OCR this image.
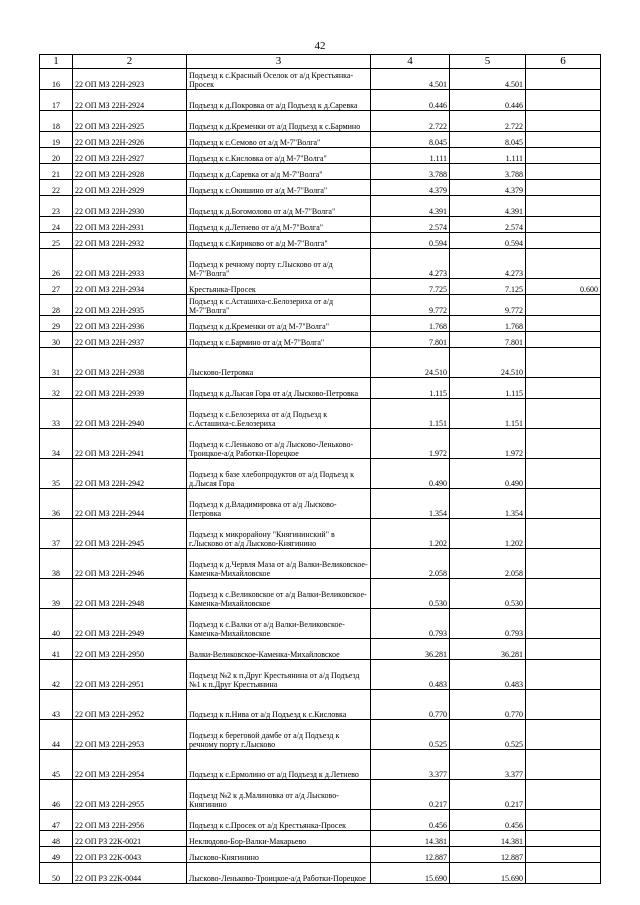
42
1	2	3	4	5	6
16	22 ОП МЗ 22Н-2923	Подъезд к с.Красный Оселок от а/д Крестьянка-Просек	4.501	4.501	
17	22 ОП МЗ 22Н-2924	Подъезд к д.Покровка от а/д Подъезд к д.Саревка	0.446	0.446	
18	22 ОП МЗ 22Н-2925	Подъезд к д.Кременки от а/д Подъезд к с.Бармино	2.722	2.722	
19	22 ОП МЗ 22Н-2926	Подъезд к с.Семово от а/д М-7"Волга"	8.045	8.045	
20	22 ОП МЗ 22Н-2927	Подъезд к с.Кисловка от а/д М-7"Волга"	1.111	1.111	
21	22 ОП МЗ 22Н-2928	Подъезд к д.Саревка от а/д М-7"Волга"	3.788	3.788	
22	22 ОП МЗ 22Н-2929	Подъезд к с.Окишино от а/д М-7"Волга"	4.379	4.379	
23	22 ОП МЗ 22Н-2930	Подъезд к д.Богомолово от а/д М-7"Волга"	4.391	4.391	
24	22 ОП МЗ 22Н-2931	Подъезд к д.Летнево от а/д М-7"Волга"	2.574	2.574	
25	22 ОП МЗ 22Н-2932	Подъезд к с.Кириково от а/д М-7"Волга"	0.594	0.594	
26	22 ОП МЗ 22Н-2933	Подъезд к речному порту г.Лысково от а/д М-7"Волга"	4.273	4.273	
27	22 ОП МЗ 22Н-2934	Крестьянка-Просек	7.725	7.125	0.600
28	22 ОП МЗ 22Н-2935	Подъезд к с.Асташиха-с.Белозериха от а/д М-7"Волга"	9.772	9.772	
29	22 ОП МЗ 22Н-2936	Подъезд к д.Кременки от а/д М-7"Волга"	1.768	1.768	
30	22 ОП МЗ 22Н-2937	Подъезд к с.Бармино от а/д М-7"Волга"	7.801	7.801	
31	22 ОП МЗ 22Н-2938	Лысково-Петровка	24.510	24.510	
32	22 ОП МЗ 22Н-2939	Подъезд к д.Лысая Гора от а/д Лысково-Петровка	1.115	1.115	
33	22 ОП МЗ 22Н-2940	Подъезд к с.Белозериха от а/д Подъезд к с.Асташиха-с.Белозериха	1.151	1.151	
34	22 ОП МЗ 22Н-2941	Подъезд к с.Леньково от а/д Лысково-Леньково-Троицкое-а/д Работки-Порецкое	1.972	1.972	
35	22 ОП МЗ 22Н-2942	Подъезд к базе хлебопродуктов от а/д Подъезд к д.Лысая Гора	0.490	0.490	
36	22 ОП МЗ 22Н-2944	Подъезд к д.Владимировка от а/д Лысково-Петровка	1.354	1.354	
37	22 ОП МЗ 22Н-2945	Подъезд к микрорайону "Княгининский" в г.Лысково от а/д Лысково-Княгинино	1.202	1.202	
38	22 ОП МЗ 22Н-2946	Подъезд к д.Червля Маза от а/д Валки-Великовское-Каменка-Михайловское	2.058	2.058	
39	22 ОП МЗ 22Н-2948	Подъезд к с.Великовское от а/д Валки-Великовское-Каменка-Михайловское	0.530	0.530	
40	22 ОП МЗ 22Н-2949	Подъезд к с.Валки от а/д Валки-Великовское-Каменка-Михайловское	0.793	0.793	
41	22 ОП МЗ 22Н-2950	Валки-Великовское-Каменка-Михайловское	36.281	36.281	
42	22 ОП МЗ 22Н-2951	Подъезд №2 к п.Друг Крестьянина от а/д Подъезд №1 к п.Друг Крестьянина	0.483	0.483	
43	22 ОП МЗ 22Н-2952	Подъезд к п.Нива от а/д Подъезд к с.Кисловка	0.770	0.770	
44	22 ОП МЗ 22Н-2953	Подъезд к береговой дамбе от а/д Подъезд к речному порту г.Лысково	0.525	0.525	
45	22 ОП МЗ 22Н-2954	Подъезд к с.Ермолино от а/д Подъезд к д.Летнево	3.377	3.377	
46	22 ОП МЗ 22Н-2955	Подъезд №2 к д.Малиновка от а/д Лысково-Княгинино	0.217	0.217	
47	22 ОП МЗ 22Н-2956	Подъезд к с.Просек от а/д Крестьянка-Просек	0.456	0.456	
48	22 ОП РЗ 22К-0021	Неклюдово-Бор-Валки-Макарьево	14.381	14.381	
49	22 ОП РЗ 22К-0043	Лысково-Княгинино	12.887	12.887	
50	22 ОП РЗ 22К-0044	Лысково-Леньково-Троицкое-а/д Работки-Порецкое	15.690	15.690	
